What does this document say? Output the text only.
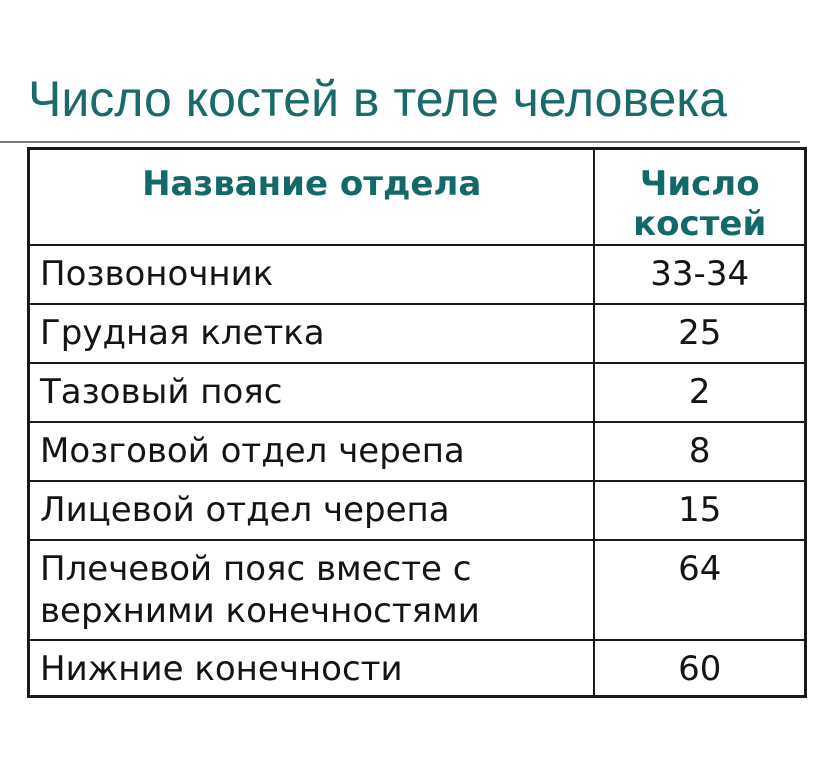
Число костей в теле человека
Название отдела	Число костей
Позвоночник	33-34
Грудная клетка	25
Тазовый пояс	2
Мозговой отдел черепа	8
Лицевой отдел черепа	15
Плечевой пояс вместе с верхними конечностями	64
Нижние конечности	60
